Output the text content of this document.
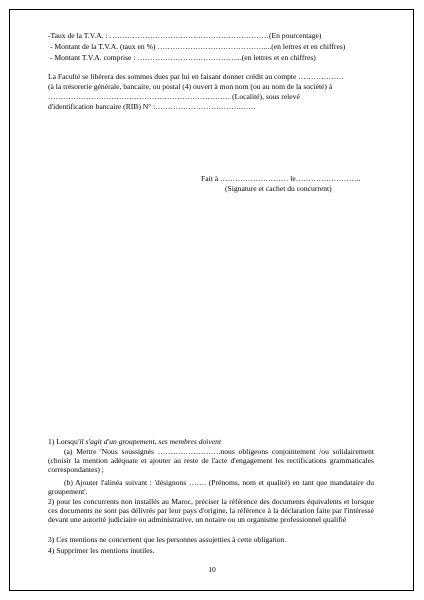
-Taux de la T.V.A. : ………………………………………………………(En pourcentage)
- Montant de la T.V.A. (taux en %) ……………………………………....(en lettres et en chiffres)
- Montant T.V.A. comprise : …………………………………...(en lettres et en chiffres)
La Faculté se libérera des sommes dues par lui en faisant donner crédit au compte ………………
(à la trésorerie générale, bancaire, ou postal (4) ouvert à mon nom (ou au nom de la société) à
……………………………………………………………… (Localité), sous relevé
d'identification bancaire (RIB) N° :…………………………….……
Fait à ……………………… le……………………..
(Signature et cachet du concurrent)
1) Lorsqu'il s'agit d'un groupement, ses membres doivent
(a) Mettre 'Nous soussignés …………………….nous obligeons conjointement /ou solidairement (choisir la mention adéquate et ajouter au reste de l'acte d'engagement les rectifications grammaticales correspondantes) ;
(b) Ajouter l'alinéa suivant : 'désignons ……. (Prénoms, nom et qualité) en tant que mandataire du groupement'.
2) pour les concurrents non installés au Maroc, préciser la référence des documents équivalents et lorsque ces documents ne sont pas délivrés par leur pays d'origine, la référence à la déclaration faite par l'intéressé devant une autorité judiciaire ou administrative, un notaire ou un organisme professionnel qualifié
3) Ces mentions ne concernent que les personnes assujetties à cette obligation.
4) Supprimer les mentions inutiles.
10
